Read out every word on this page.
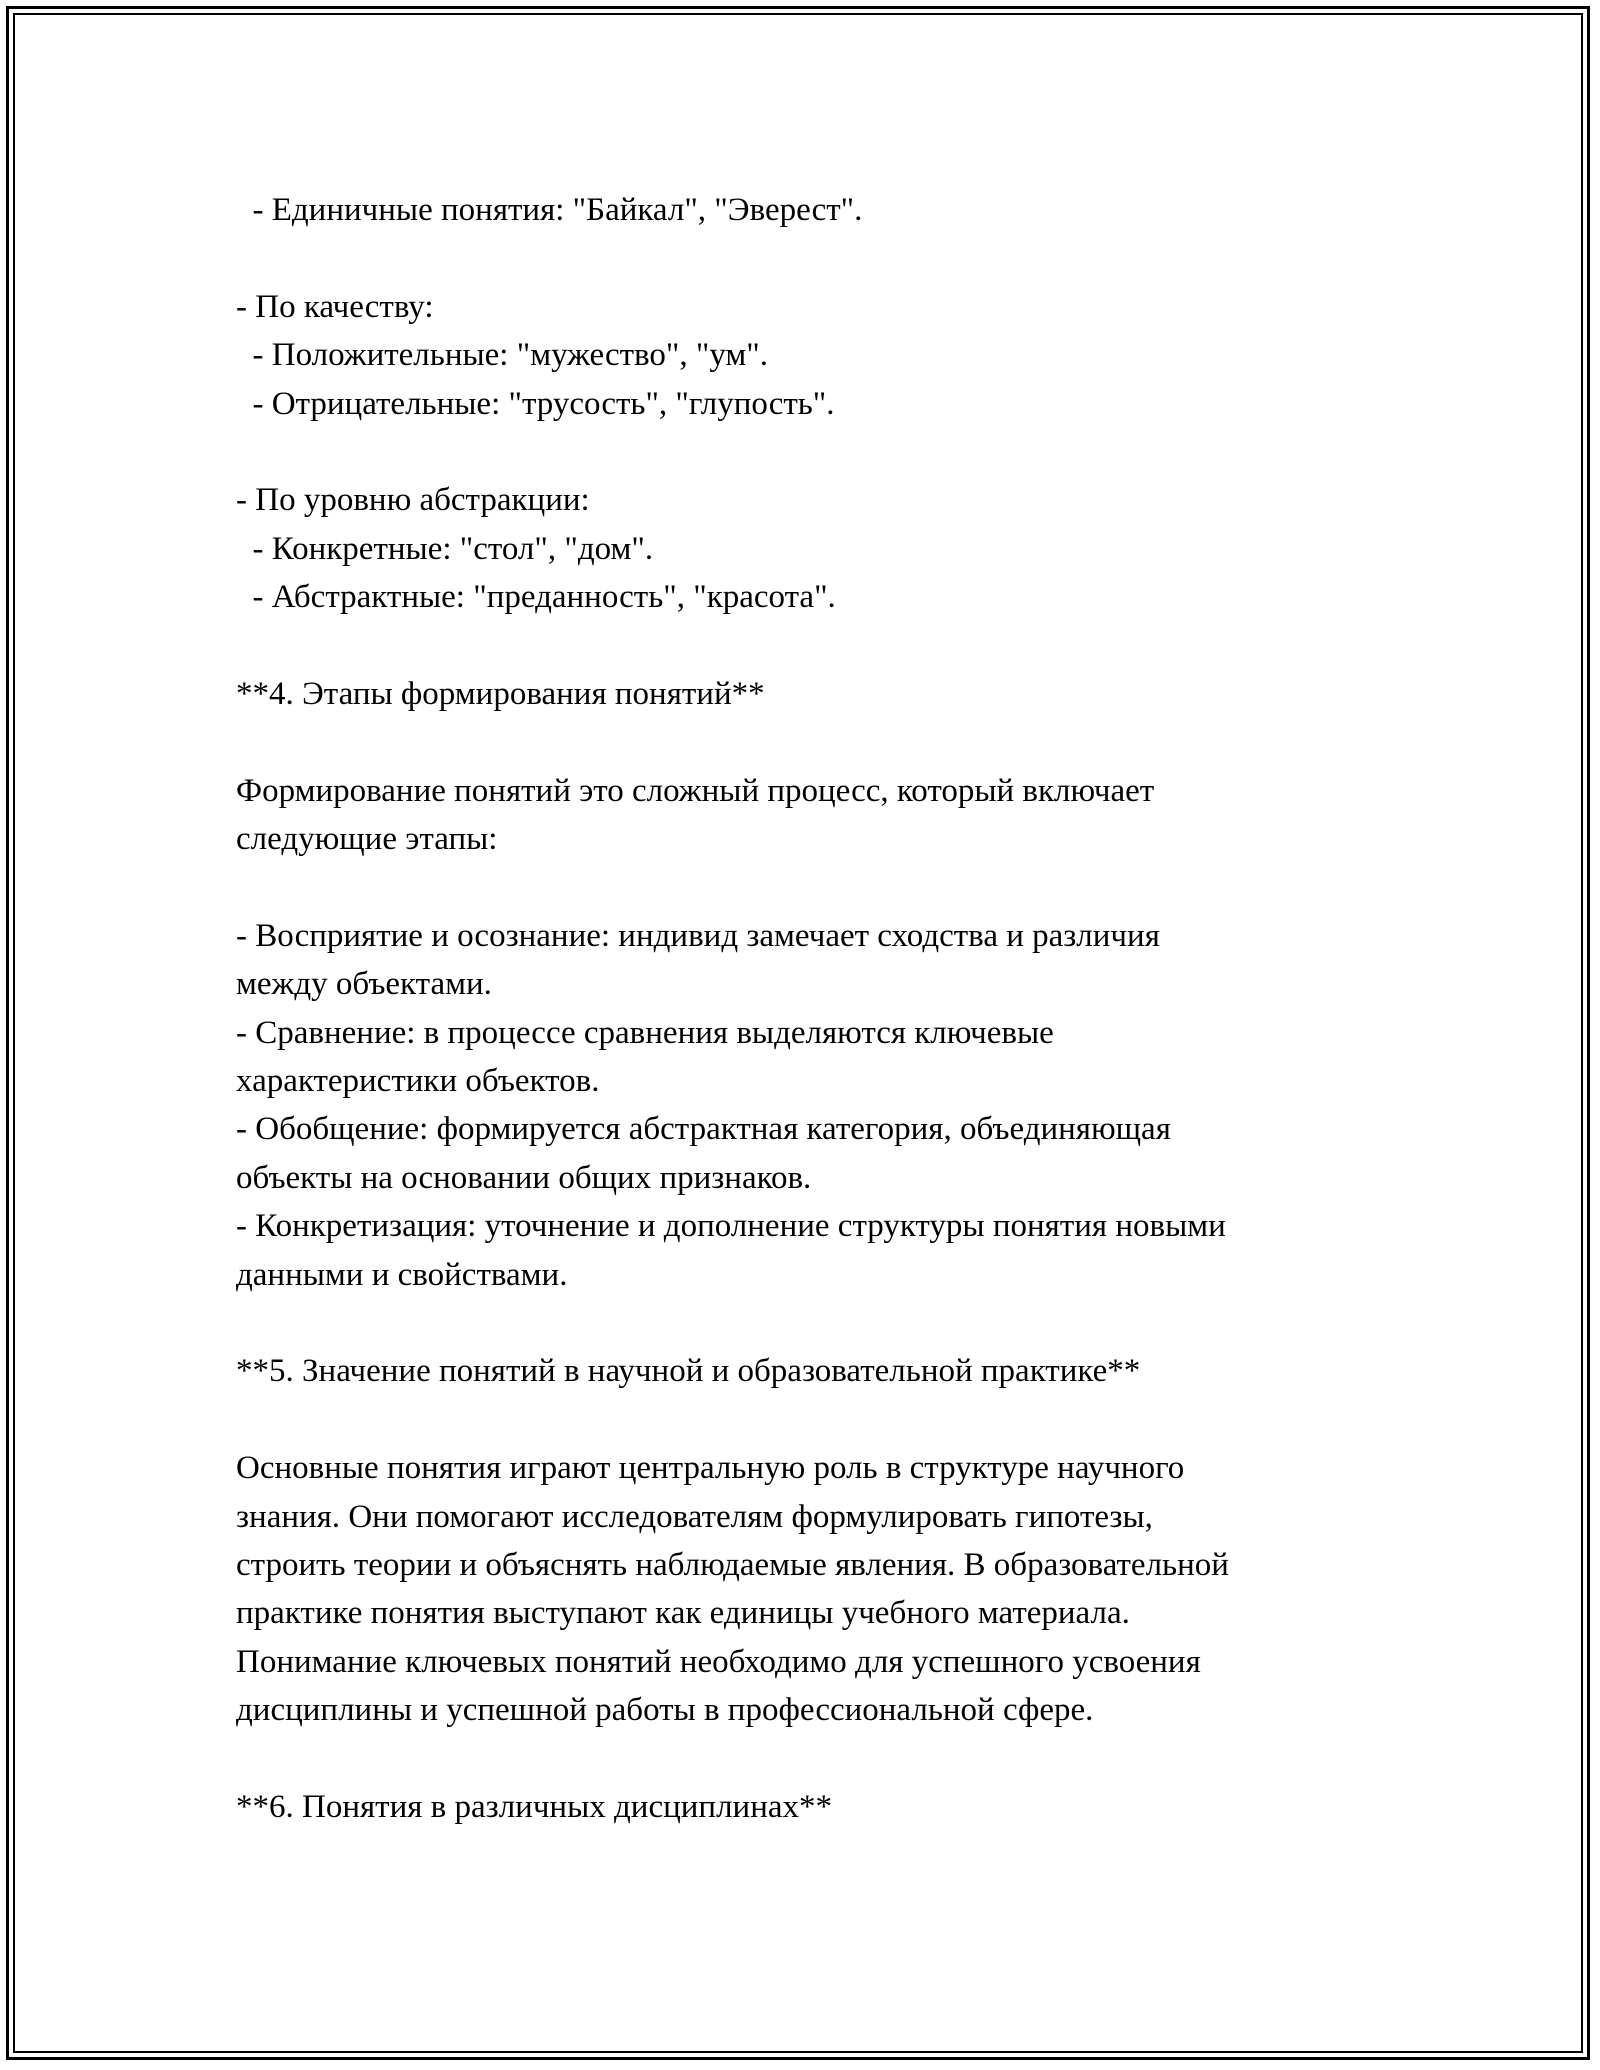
- Единичные понятия: "Байкал", "Эверест".
- По качеству:
- Положительные: "мужество", "ум".
- Отрицательные: "трусость", "глупость".
- По уровню абстракции:
- Конкретные: "стол", "дом".
- Абстрактные: "преданность", "красота".
**4. Этапы формирования понятий**
Формирование понятий это сложный процесс, который включает
следующие этапы:
- Восприятие и осознание: индивид замечает сходства и различия
между объектами.
- Сравнение: в процессе сравнения выделяются ключевые
характеристики объектов.
- Обобщение: формируется абстрактная категория, объединяющая
объекты на основании общих признаков.
- Конкретизация: уточнение и дополнение структуры понятия новыми
данными и свойствами.
**5. Значение понятий в научной и образовательной практике**
Основные понятия играют центральную роль в структуре научного
знания. Они помогают исследователям формулировать гипотезы,
строить теории и объяснять наблюдаемые явления. В образовательной
практике понятия выступают как единицы учебного материала.
Понимание ключевых понятий необходимо для успешного усвоения
дисциплины и успешной работы в профессиональной сфере.
**6. Понятия в различных дисциплинах**
